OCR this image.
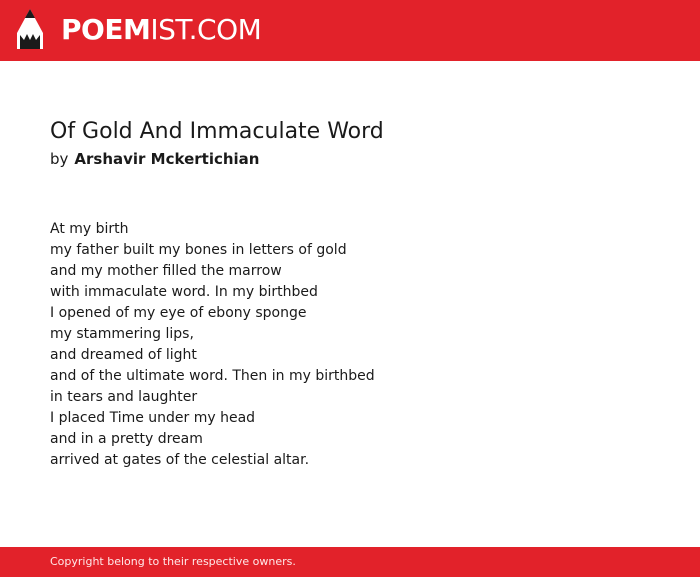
POEM IST.COM
Of Gold And Immaculate Word
by Arshavir Mckertichian
At my birth
my father built my bones in letters of gold
and my mother filled the marrow
with immaculate word. In my birthbed
I opened of my eye of ebony sponge
my stammering lips,
and dreamed of light
and of the ultimate word. Then in my birthbed
in tears and laughter
I placed Time under my head
and in a pretty dream
arrived at gates of the celestial altar.
Copyright belong to their respective owners.
